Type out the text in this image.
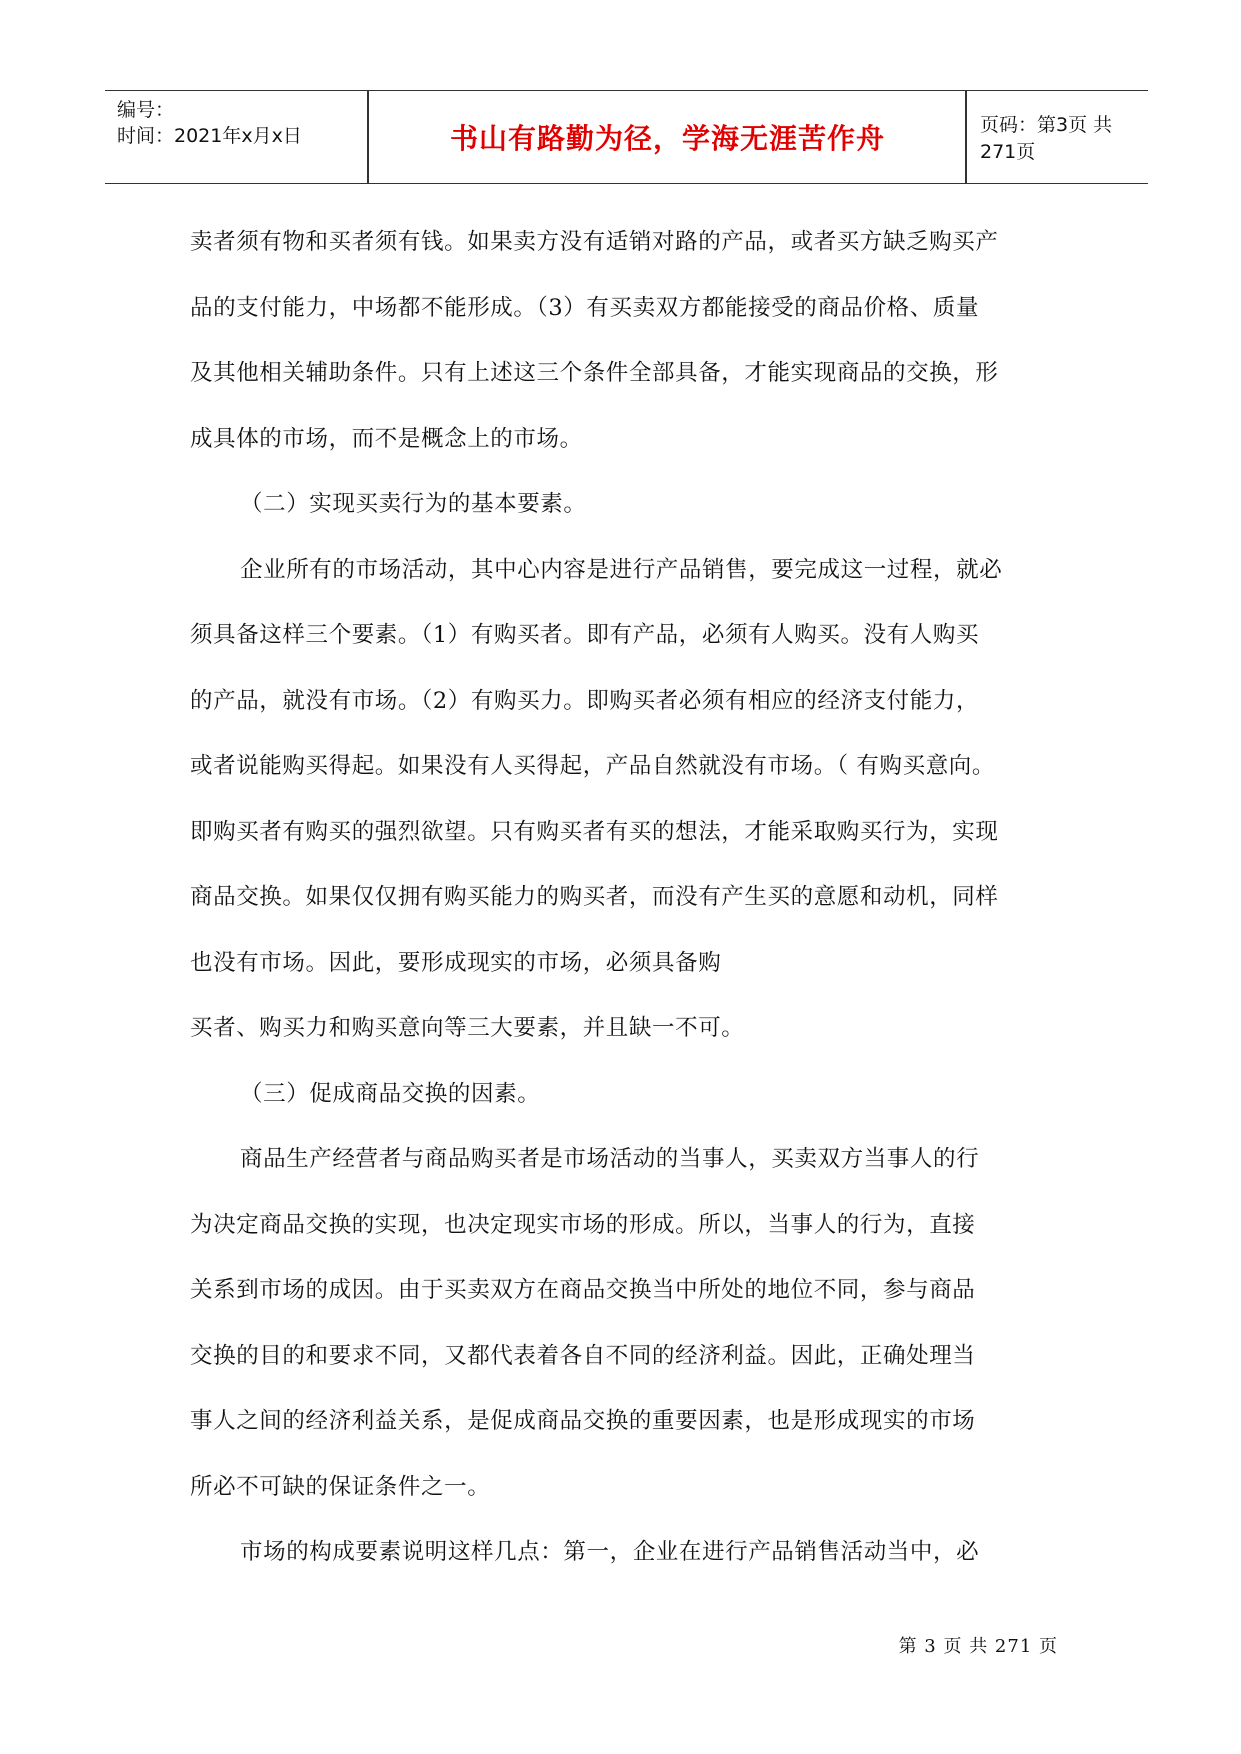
编号：
时间：2021年x月x日	书山有路勤为径，学海无涯苦作舟	页码：第3页 共271页

卖者须有物和买者须有钱。如果卖方没有适销对路的产品，或者买方缺乏购买产

品的支付能力，中场都不能形成。（3）有买卖双方都能接受的商品价格、质量

及其他相关辅助条件。只有上述这三个条件全部具备，才能实现商品的交换，形

成具体的市场，而不是概念上的市场。

（二）实现买卖行为的基本要素。

企业所有的市场活动，其中心内容是进行产品销售，要完成这一过程，就必

须具备这样三个要素。（1）有购买者。即有产品，必须有人购买。没有人购买

的产品，就没有市场。（2）有购买力。即购买者必须有相应的经济支付能力，

或者说能购买得起。如果没有人买得起，产品自然就没有市场。（ 有购买意向。

即购买者有购买的强烈欲望。只有购买者有买的想法，才能采取购买行为，实现

商品交换。如果仅仅拥有购买能力的购买者，而没有产生买的意愿和动机，同样

也没有市场。因此，要形成现实的市场，必须具备购

买者、购买力和购买意向等三大要素，并且缺一不可。

（三）促成商品交换的因素。

商品生产经营者与商品购买者是市场活动的当事人，买卖双方当事人的行

为决定商品交换的实现，也决定现实市场的形成。所以，当事人的行为，直接

关系到市场的成因。由于买卖双方在商品交换当中所处的地位不同，参与商品

交换的目的和要求不同，又都代表着各自不同的经济利益。因此，正确处理当

事人之间的经济利益关系，是促成商品交换的重要因素，也是形成现实的市场

所必不可缺的保证条件之一。

市场的构成要素说明这样几点：第一，企业在进行产品销售活动当中，必

第 3 页 共 271 页
